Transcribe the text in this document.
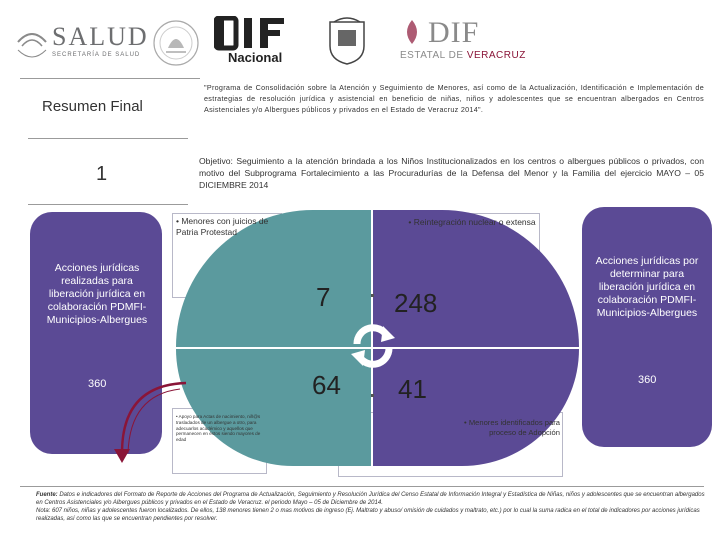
SALUD
SECRETARÍA DE SALUD	Nacional
DIF
ESTATAL DE VERACRUZ
Resumen Final
1
"Programa de Consolidación sobre la Atención y Seguimiento de Menores, así como de la Actualización, Identificación e Implementación de estrategias de resolución jurídica y asistencial en beneficio de niñas, niños y adolescentes que se encuentran albergados en Centros Asistenciales y/o Albergues públicos y privados en el Estado de Veracruz 2014".
Objetivo: Seguimiento a la atención brindada a los Niños Institucionalizados en los centros o albergues públicos o privados, con motivo del Subprograma Fortalecimiento a las Procuradurías de la Defensa del Menor y la Familia del ejercicio MAYO – 05 DICIEMBRE 2014
Acciones jurídicas realizadas para liberación jurídica en colaboración PDMFI-Municipios-Albergues
360
Acciones jurídicas por determinar para liberación jurídica en colaboración PDMFI-Municipios-Albergues
360
• Menores con juicios de Patria Protestad
• Reintegración nuclear o extensa
• Apoyo para Actas de nacimiento, niñ@s trasladados de un albergue a otro, para adecuarlos académico y aquellos que permanecen en éstos siendo mayores de edad
• Menores identificados para proceso de Adopción
7 248
64 41
Fuente: Datos e indicadores del Formato de Reporte de Acciones del Programa de Actualización, Seguimiento y Resolución Jurídica del Censo Estatal de Información Integral y Estadística de Niñas, niños y adolescentes que se encuentran albergados en Centros Asistenciales y/o Albergues públicos y privados en el Estado de Veracruz. el periodo Mayo – 05 de Diciembre de 2014.
Nota: 607 niños, niñas y adolescentes fueron localizados. De ellos, 138 menores tienen 2 o mas motivos de ingreso (Ej. Maltrato y abuso/ omisión de cuidados y maltrato, etc.) por lo cual la suma radica en el total de indicadores por acciones jurídicas realizadas, así como las que se encuentran pendientes por resolver.
